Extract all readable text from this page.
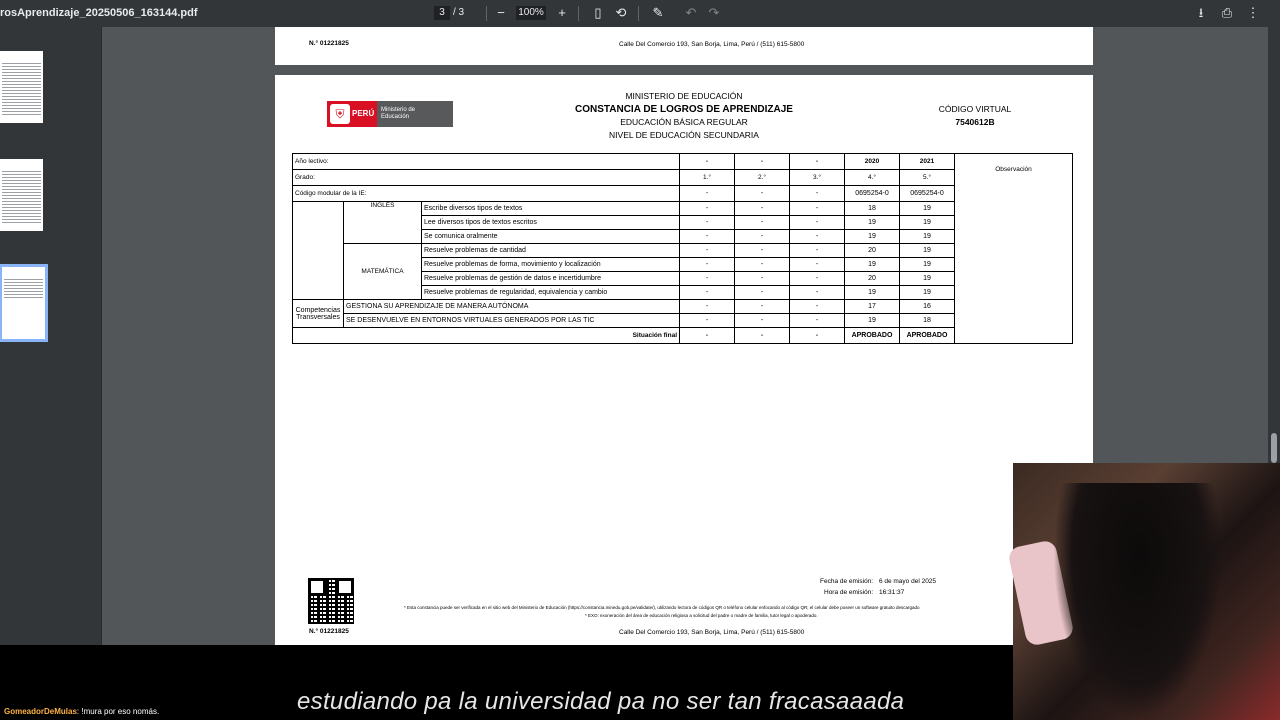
rosAprendizaje_20250506_163144.pdf	3 / 3	−	100%	+	▯	⟲ ✎ ↶ ↷	⭳	⎙ ⋮
N.° 01221825	Calle Del Comercio 193, San Borja, Lima, Perú / (511) 615-5800
⛨ PERÚ Ministerio de Educación
MINISTERIO DE EDUCACIÓN
CONSTANCIA DE LOGROS DE APRENDIZAJE
EDUCACIÓN BÁSICA REGULAR
NIVEL DE EDUCACIÓN SECUNDARIA
CÓDIGO VIRTUAL
7540612B
Año lectivo:			-	-	-	2020	2021	Observación
Grado:			1.°	2.°	3.°	4.°	5.°	
Código modular de la IE:			-	-	-	0695254-0	0695254-0	
	INGLÉS	Escribe diversos tipos de textos	-	-	-	18	19	
		Lee diversos tipos de textos escritos	-	-	-	19	19	
		Se comunica oralmente	-	-	-	19	19	
	MATEMÁTICA	Resuelve problemas de cantidad	-	-	-	20	19	
		Resuelve problemas de forma, movimiento y localización	-	-	-	19	19	
		Resuelve problemas de gestión de datos e incertidumbre	-	-	-	20	19	
		Resuelve problemas de regularidad, equivalencia y cambio	-	-	-	19	19	
Competencias Transversales	GESTIONA SU APRENDIZAJE DE MANERA AUTÓNOMA		-	-	-	17	16	
	SE DESENVUELVE EN ENTORNOS VIRTUALES GENERADOS POR LAS TIC		-	-	-	19	18	
Situación final			-	-	-	APROBADO	APROBADO	
Fecha de emisión: 6 de mayo del 2025
Hora de emisión: 16:31:37
* Esta constancia puede ser verificada en el sitio web del Ministerio de Educación (https://constancia.minedu.gob.pe/validate/), utilizando lectora de códigos QR o teléfono celular enfocando al código QR; el celular debe poseer un software gratuito descargado
* EXO: exoneración del área de educación religiosa a solicitud del padre o madre de familia, tutor legal o apoderado.
N.° 01221825	Calle Del Comercio 193, San Borja, Lima, Perú / (511) 615-5800
GomeadorDeMulas: !mura por eso nomás.	estudiando pa la universidad pa no ser tan fracasaaada
